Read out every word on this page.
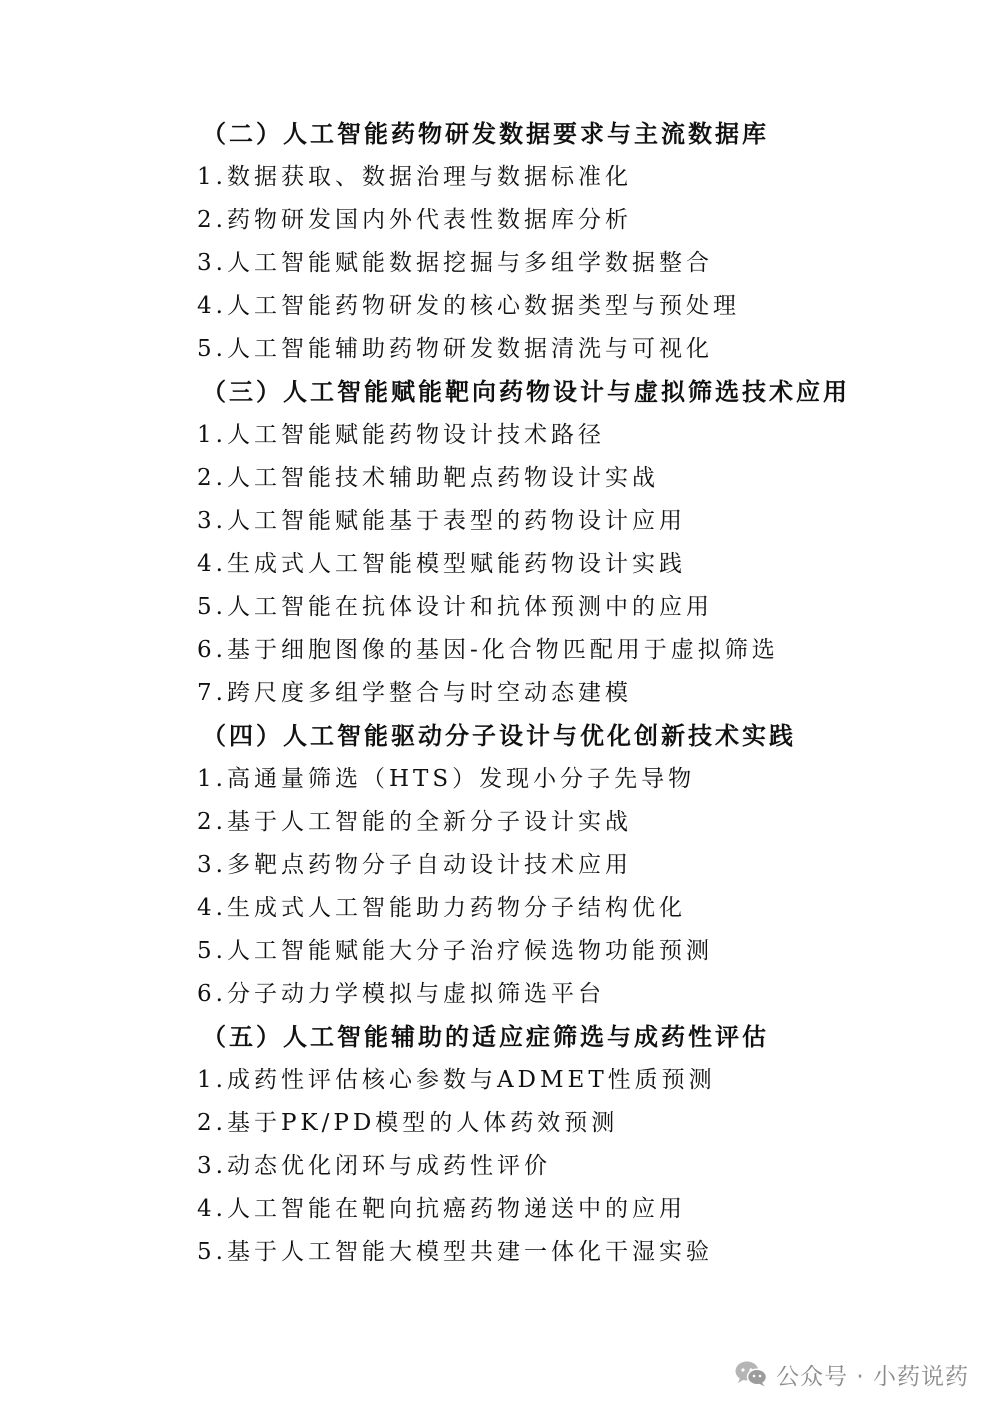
（二）人工智能药物研发数据要求与主流数据库
1.数据获取、数据治理与数据标准化
2.药物研发国内外代表性数据库分析
3.人工智能赋能数据挖掘与多组学数据整合
4.人工智能药物研发的核心数据类型与预处理
5.人工智能辅助药物研发数据清洗与可视化
（三）人工智能赋能靶向药物设计与虚拟筛选技术应用
1.人工智能赋能药物设计技术路径
2.人工智能技术辅助靶点药物设计实战
3.人工智能赋能基于表型的药物设计应用
4.生成式人工智能模型赋能药物设计实践
5.人工智能在抗体设计和抗体预测中的应用
6.基于细胞图像的基因-化合物匹配用于虚拟筛选
7.跨尺度多组学整合与时空动态建模
（四）人工智能驱动分子设计与优化创新技术实践
1.高通量筛选（HTS）发现小分子先导物
2.基于人工智能的全新分子设计实战
3.多靶点药物分子自动设计技术应用
4.生成式人工智能助力药物分子结构优化
5.人工智能赋能大分子治疗候选物功能预测
6.分子动力学模拟与虚拟筛选平台
（五）人工智能辅助的适应症筛选与成药性评估
1.成药性评估核心参数与ADMET性质预测
2.基于PK/PD模型的人体药效预测
3.动态优化闭环与成药性评价
4.人工智能在靶向抗癌药物递送中的应用
5.基于人工智能大模型共建一体化干湿实验
公众号 · 小药说药
